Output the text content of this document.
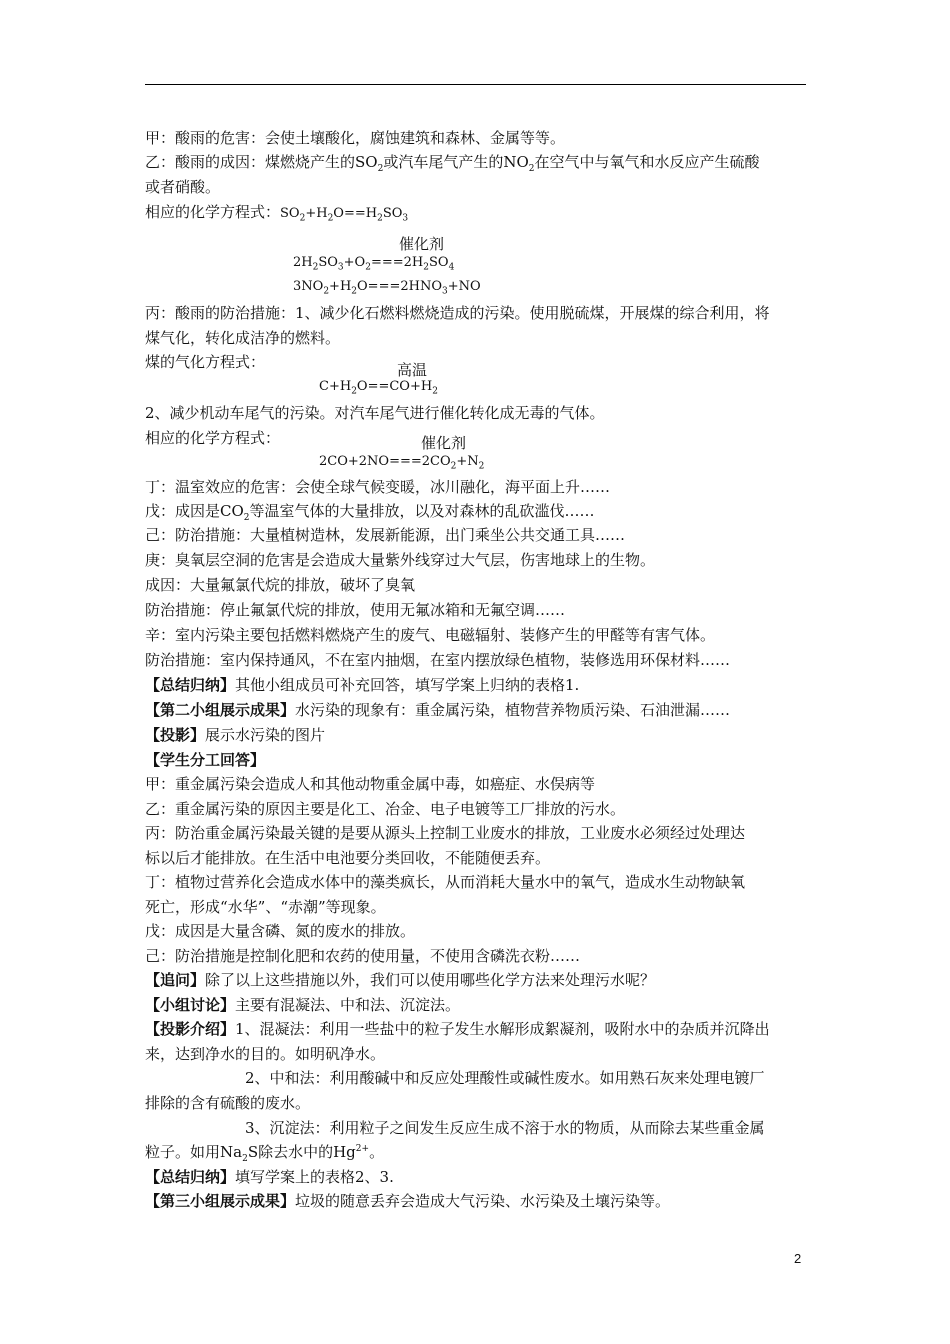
甲：酸雨的危害：会使土壤酸化，腐蚀建筑和森林、金属等等。
乙：酸雨的成因：煤燃烧产生的$SO_2$或汽车尾气产生的$NO_2$在空气中与氧气和水反应产生硫酸
或者硝酸。
相应的化学方程式：$SO_2+H_2O==H_2SO_3$
催化剂
$2H_2SO_3+O_2===2H_2SO_4$
$3NO_2+H_2O===2HNO_3+NO$
丙：酸雨的防治措施：1、减少化石燃料燃烧造成的污染。使用脱硫煤，开展煤的综合利用，将
煤气化，转化成洁净的燃料。
煤的气化方程式：	高温
$C+H_2O==CO+H_2$
2、减少机动车尾气的污染。对汽车尾气进行催化转化成无毒的气体。
相应的化学方程式：	催化剂
$2CO+2NO===2CO_2+N_2$
丁：温室效应的危害：会使全球气候变暖，冰川融化，海平面上升……
戊：成因是$CO_2$等温室气体的大量排放，以及对森林的乱砍滥伐……
己：防治措施：大量植树造林，发展新能源，出门乘坐公共交通工具……
庚：臭氧层空洞的危害是会造成大量紫外线穿过大气层，伤害地球上的生物。
成因：大量氟氯代烷的排放，破坏了臭氧
防治措施：停止氟氯代烷的排放，使用无氟冰箱和无氟空调……
辛：室内污染主要包括燃料燃烧产生的废气、电磁辐射、装修产生的甲醛等有害气体。
防治措施：室内保持通风，不在室内抽烟，在室内摆放绿色植物，装修选用环保材料……
【总结归纳】其他小组成员可补充回答，填写学案上归纳的表格1.
【第二小组展示成果】水污染的现象有：重金属污染，植物营养物质污染、石油泄漏……
【投影】展示水污染的图片
【学生分工回答】
甲：重金属污染会造成人和其他动物重金属中毒，如癌症、水俣病等
乙：重金属污染的原因主要是化工、冶金、电子电镀等工厂排放的污水。
丙：防治重金属污染最关键的是要从源头上控制工业废水的排放，工业废水必须经过处理达
标以后才能排放。在生活中电池要分类回收，不能随便丢弃。
丁：植物过营养化会造成水体中的藻类疯长，从而消耗大量水中的氧气，造成水生动物缺氧
死亡，形成“水华”、“赤潮”等现象。
戊：成因是大量含磷、氮的废水的排放。
己：防治措施是控制化肥和农药的使用量，不使用含磷洗衣粉……
【追问】除了以上这些措施以外，我们可以使用哪些化学方法来处理污水呢？
【小组讨论】主要有混凝法、中和法、沉淀法。
【投影介绍】1、混凝法：利用一些盐中的粒子发生水解形成絮凝剂，吸附水中的杂质并沉降出
来，达到净水的目的。如明矾净水。
2、中和法：利用酸碱中和反应处理酸性或碱性废水。如用熟石灰来处理电镀厂
排除的含有硫酸的废水。
3、沉淀法：利用粒子之间发生反应生成不溶于水的物质，从而除去某些重金属
粒子。如用$Na_2S$除去水中的$Hg^{2+}$。
【总结归纳】填写学案上的表格2、3.
【第三小组展示成果】垃圾的随意丢弃会造成大气污染、水污染及土壤污染等。
2
